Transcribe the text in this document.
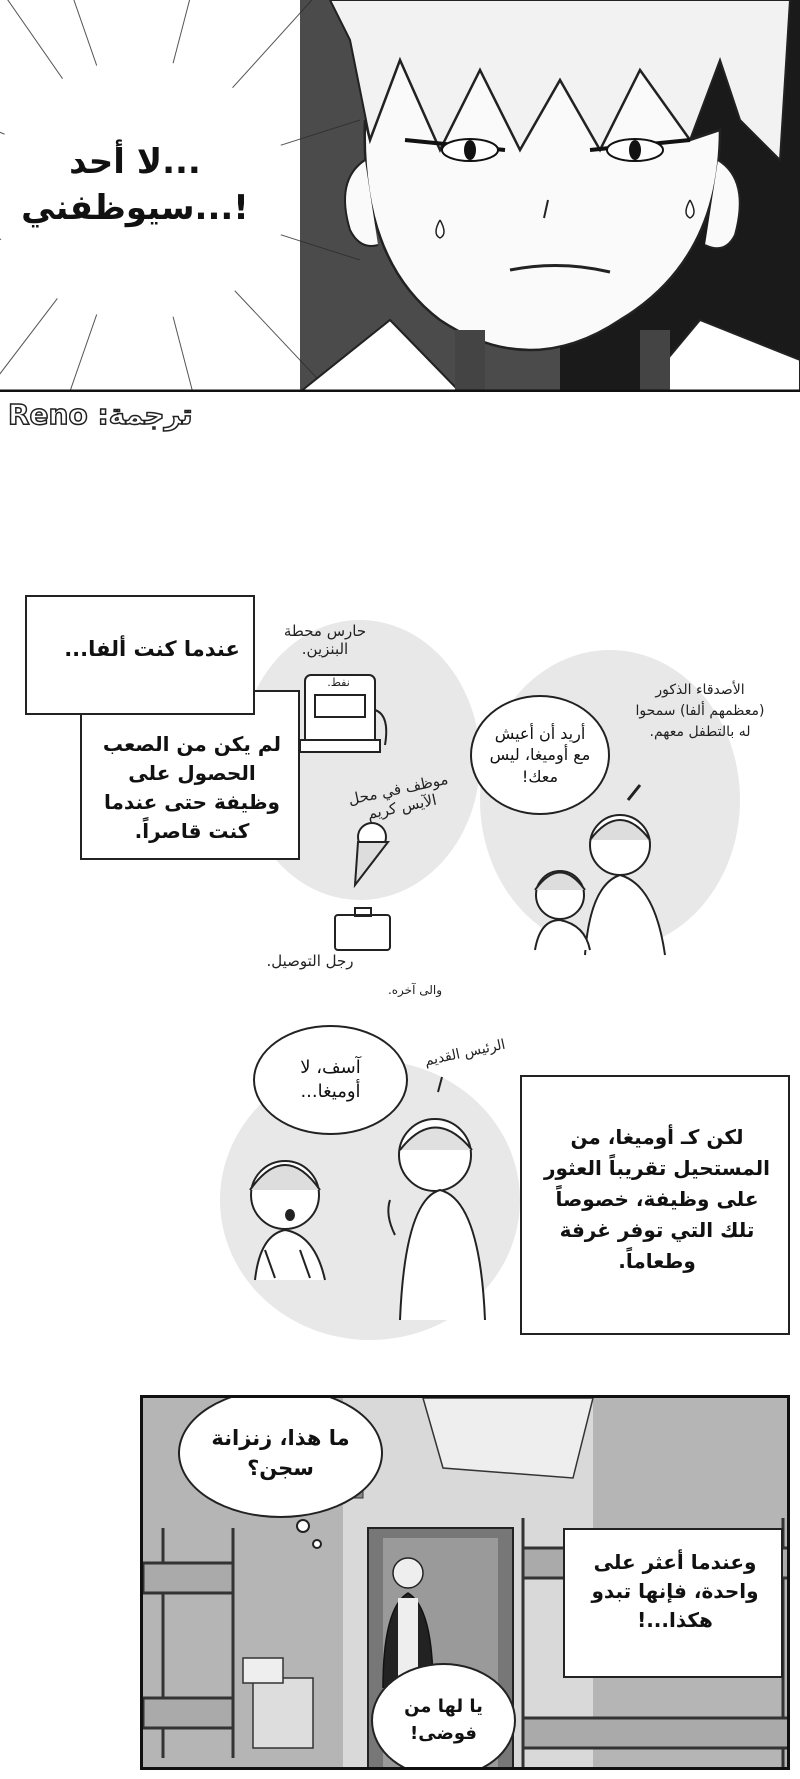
...لا أحد
!...سيوظفني
ترجمة: Reno
عندما كنت ألفا...
لم يكن من الصعب الحصول على وظيفة حتى عندما كنت قاصراً.
حارس محطة البنزين.
نفط.
موظف في محل الآيس كريم
رجل التوصيل.
والى آخره.
الأصدقاء الذكور (معظمهم ألفا) سمحوا له بالتطفل معهم.
أريد أن أعيش مع أوميغا، ليس معك!
آسف، لا أوميغا...
الرئيس القديم
لكن كـ أوميغا، من المستحيل تقريباً العثور على وظيفة، خصوصاً تلك التي توفر غرفة وطعاماً.
ما هذا، زنزانة سجن؟
وعندما أعثر على واحدة، فإنها تبدو هكذا...!
يا لها من فوضى!
